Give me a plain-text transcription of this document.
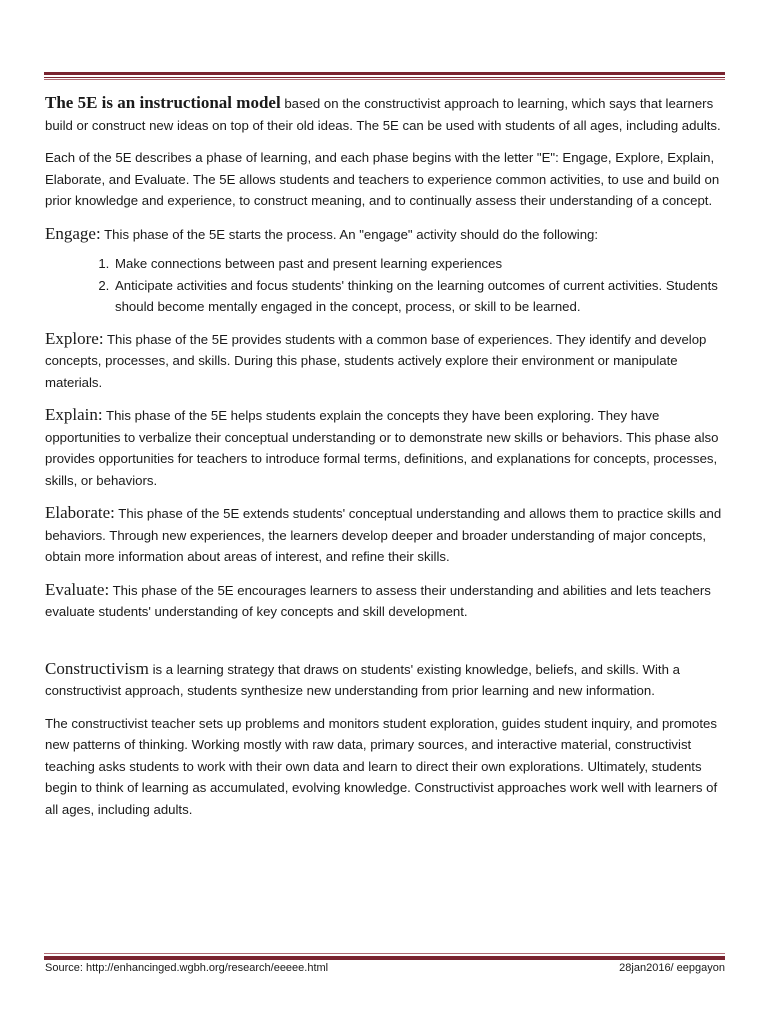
The 5E is an instructional model based on the constructivist approach to learning, which says that learners build or construct new ideas on top of their old ideas. The 5E can be used with students of all ages, including adults.

Each of the 5E describes a phase of learning, and each phase begins with the letter "E": Engage, Explore, Explain, Elaborate, and Evaluate. The 5E allows students and teachers to experience common activities, to use and build on prior knowledge and experience, to construct meaning, and to continually assess their understanding of a concept.

Engage: This phase of the 5E starts the process. An "engage" activity should do the following:

1. Make connections between past and present learning experiences
2. Anticipate activities and focus students' thinking on the learning outcomes of current activities. Students should become mentally engaged in the concept, process, or skill to be learned.

Explore: This phase of the 5E provides students with a common base of experiences. They identify and develop concepts, processes, and skills. During this phase, students actively explore their environment or manipulate materials.

Explain: This phase of the 5E helps students explain the concepts they have been exploring. They have opportunities to verbalize their conceptual understanding or to demonstrate new skills or behaviors. This phase also provides opportunities for teachers to introduce formal terms, definitions, and explanations for concepts, processes, skills, or behaviors.

Elaborate: This phase of the 5E extends students' conceptual understanding and allows them to practice skills and behaviors. Through new experiences, the learners develop deeper and broader understanding of major concepts, obtain more information about areas of interest, and refine their skills.

Evaluate: This phase of the 5E encourages learners to assess their understanding and abilities and lets teachers evaluate students' understanding of key concepts and skill development.

Constructivism is a learning strategy that draws on students' existing knowledge, beliefs, and skills. With a constructivist approach, students synthesize new understanding from prior learning and new information.

The constructivist teacher sets up problems and monitors student exploration, guides student inquiry, and promotes new patterns of thinking. Working mostly with raw data, primary sources, and interactive material, constructivist teaching asks students to work with their own data and learn to direct their own explorations. Ultimately, students begin to think of learning as accumulated, evolving knowledge. Constructivist approaches work well with learners of all ages, including adults.

Source: http://enhancinged.wgbh.org/research/eeeee.html	28jan2016/ eepgayon
